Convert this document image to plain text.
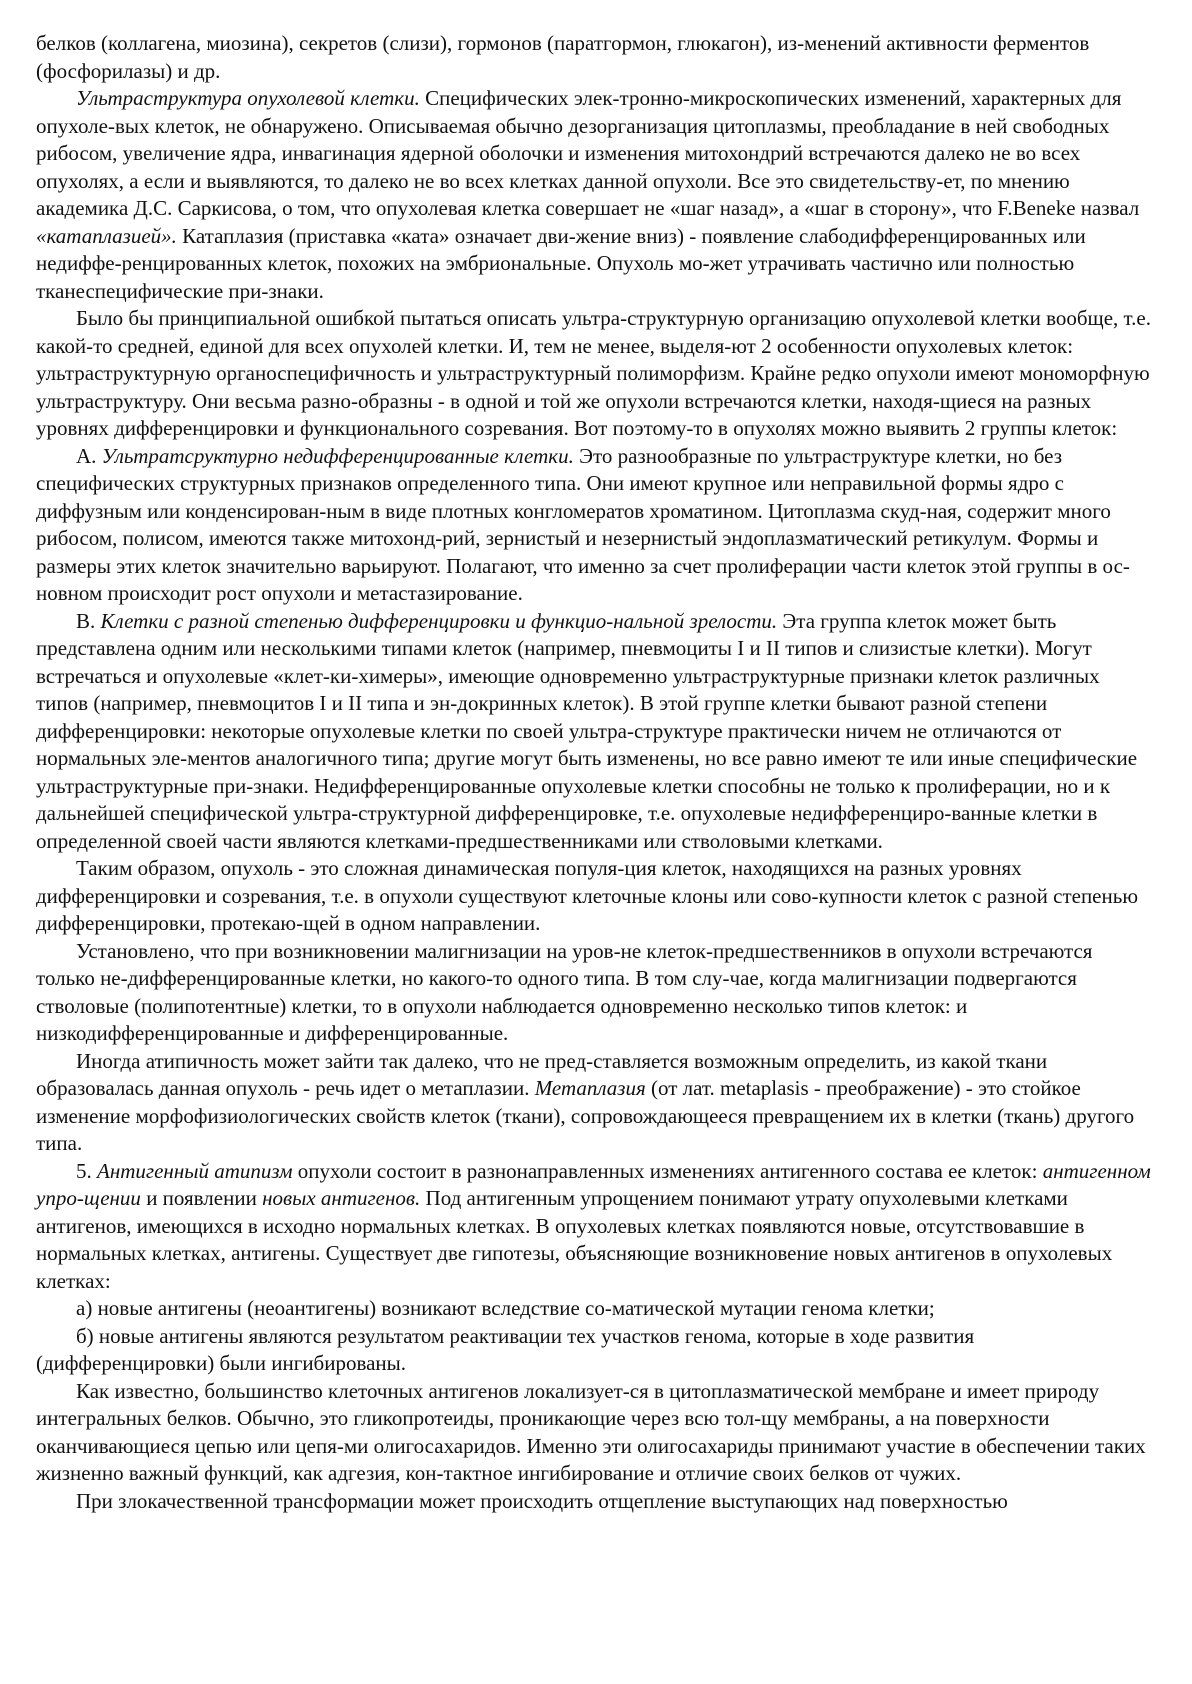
белков (коллагена, миозина), секретов (слизи), гормонов (паратгормон, глюкагон), из-менений активности ферментов (фосфорилазы) и др.

Ультраструктура опухолевой клетки. Специфических элек-тронно-микроскопических изменений, характерных для опухоле-вых клеток, не обнаружено. Описываемая обычно дезорганизация цитоплазмы, преобладание в ней свободных рибосом, увеличение ядра, инвагинация ядерной оболочки и изменения митохондрий встречаются далеко не во всех опухолях, а если и выявляются, то далеко не во всех клетках данной опухоли. Все это свидетельству-ет, по мнению академика Д.С. Саркисова, о том, что опухолевая клетка совершает не «шаг назад», а «шаг в сторону», что F.Beneke назвал «катаплазией». Катаплазия (приставка «ката» означает дви-жение вниз) - появление слабодифференцированных или недиффе-ренцированных клеток, похожих на эмбриональные. Опухоль мо-жет утрачивать частично или полностью тканеспецифические при-знаки.

Было бы принципиальной ошибкой пытаться описать ультра-структурную организацию опухолевой клетки вообще, т.е. какой-то средней, единой для всех опухолей клетки. И, тем не менее, выделя-ют 2 особенности опухолевых клеток: ультраструктурную органоспецифичность и ультраструктурный полиморфизм. Крайне редко опухоли имеют мономорфную ультраструктуру. Они весьма разно-образны - в одной и той же опухоли встречаются клетки, находя-щиеся на разных уровнях дифференцировки и функционального созревания. Вот поэтому-то в опухолях можно выявить 2 группы клеток:

А. Ультратсруктурно недифференцированные клетки. Это разнообразные по ультраструктуре клетки, но без специфических структурных признаков определенного типа. Они имеют крупное или неправильной формы ядро с диффузным или конденсирован-ным в виде плотных конгломератов хроматином. Цитоплазма скуд-ная, содержит много рибосом, полисом, имеются также митохонд-рий, зернистый и незернистый эндоплазматический ретикулум. Формы и размеры этих клеток значительно варьируют. Полагают, что именно за счет пролиферации части клеток этой группы в ос-новном происходит рост опухоли и метастазирование.

В. Клетки с разной степенью дифференцировки и функцио-нальной зрелости. Эта группа клеток может быть представлена одним или несколькими типами клеток (например, пневмоциты I и II типов и слизистые клетки). Могут встречаться и опухолевые «клет-ки-химеры», имеющие одновременно ультраструктурные признаки клеток различных типов (например, пневмоцитов I и II типа и эн-докринных клеток). В этой группе клетки бывают разной степени дифференцировки: некоторые опухолевые клетки по своей ультра-структуре практически ничем не отличаются от нормальных эле-ментов аналогичного типа; другие могут быть изменены, но все равно имеют те или иные специфические ультраструктурные при-знаки. Недифференцированные опухолевые клетки способны не только к пролиферации, но и к дальнейшей специфической ультра-структурной дифференцировке, т.е. опухолевые недифференциро-ванные клетки в определенной своей части являются клетками-предшественниками или стволовыми клетками.

Таким образом, опухоль - это сложная динамическая популя-ция клеток, находящихся на разных уровнях дифференцировки и созревания, т.е. в опухоли существуют клеточные клоны или сово-купности клеток с разной степенью дифференцировки, протекаю-щей в одном направлении.

Установлено, что при возникновении малигнизации на уров-не клеток-предшественников в опухоли встречаются только не-дифференцированные клетки, но какого-то одного типа. В том слу-чае, когда малигнизации подвергаются стволовые (полипотентные) клетки, то в опухоли наблюдается одновременно несколько типов клеток: и низкодифференцированные и дифференцированные.

Иногда атипичность может зайти так далеко, что не пред-ставляется возможным определить, из какой ткани образовалась данная опухоль - речь идет о метаплазии. Метаплазия (от лат. metaplasis - преображение) - это стойкое изменение морфофизиологических свойств клеток (ткани), сопровождающееся превращением их в клетки (ткань) другого типа.

5. Антигенный атипизм опухоли состоит в разнонаправленных изменениях антигенного состава ее клеток: антигенном упро-щении и появлении новых антигенов. Под антигенным упрощением понимают утрату опухолевыми клетками антигенов, имеющихся в исходно нормальных клетках. В опухолевых клетках появляются новые, отсутствовавшие в нормальных клетках, антигены. Существует две гипотезы, объясняющие возникновение новых антигенов в опухолевых клетках:

а) новые антигены (неоантигены) возникают вследствие со-матической мутации генома клетки;

б) новые антигены являются результатом реактивации тех участков генома, которые в ходе развития (дифференцировки) были ингибированы.

Как известно, большинство клеточных антигенов локализует-ся в цитоплазматической мембране и имеет природу интегральных белков. Обычно, это гликопротеиды, проникающие через всю тол-щу мембраны, а на поверхности оканчивающиеся цепью или цепя-ми олигосахаридов. Именно эти олигосахариды принимают участие в обеспечении таких жизненно важный функций, как адгезия, кон-тактное ингибирование и отличие своих белков от чужих.

При злокачественной трансформации может происходить отщепление выступающих над поверхностью
